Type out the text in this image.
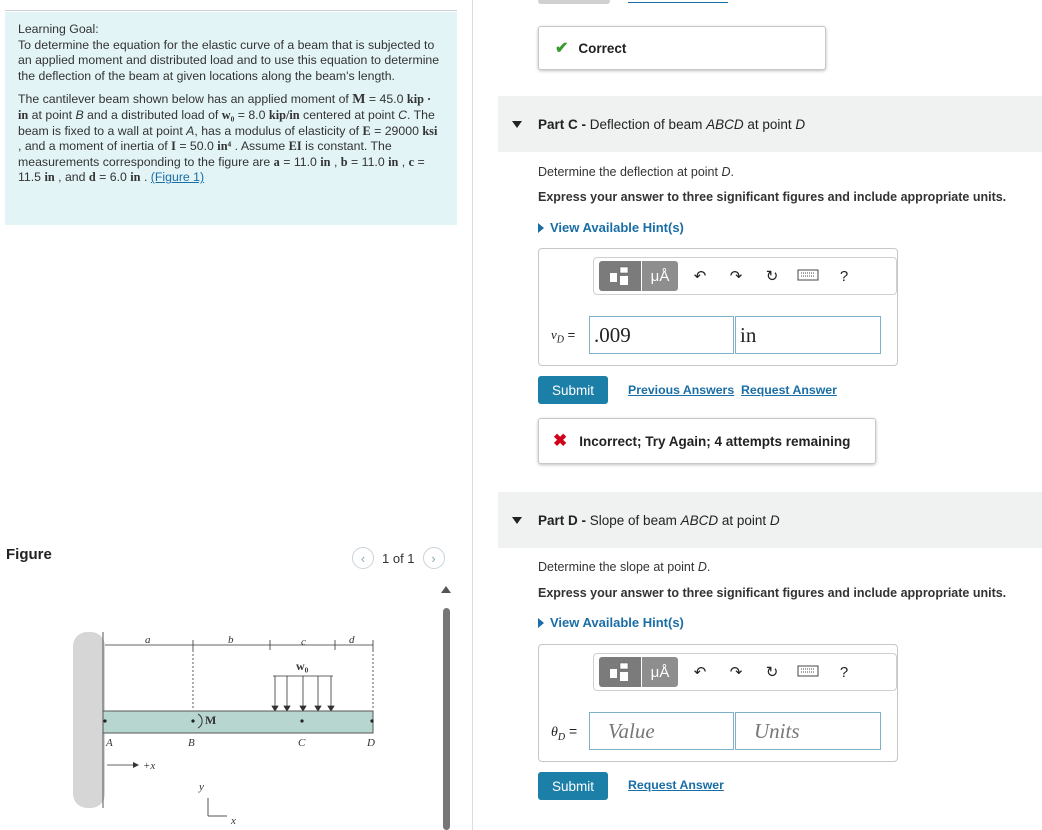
Learning Goal:
To determine the equation for the elastic curve of a beam that is subjected to an applied moment and distributed load and to use this equation to determine the deflection of the beam at given locations along the beam's length.

The cantilever beam shown below has an applied moment of M = 45.0 kip · in at point B and a distributed load of w₀ = 8.0 kip/in centered at point C. The beam is fixed to a wall at point A, has a modulus of elasticity of E = 29000 ksi , and a moment of inertia of I = 50.0 in⁴ . Assume EI is constant. The measurements corresponding to the figure are a = 11.0 in , b = 11.0 in , c = 11.5 in , and d = 6.0 in . (Figure 1)

Figure	‹ 1 of 1 ›
a	b	c	d
w₀
M
A	B	C	D
+x
y
x
✔ Correct
Part C - Deflection of beam ABCD at point D
Determine the deflection at point D.
Express your answer to three significant figures and include appropriate units.
View Available Hint(s)
μÅ	↶	↷	↻	?
$v_D = .009$	in
Submit	Previous Answers Request Answer
✖ Incorrect; Try Again; 4 attempts remaining
Part D - Slope of beam ABCD at point D
Determine the slope at point D.
Express your answer to three significant figures and include appropriate units.
View Available Hint(s)
μÅ	↶	↷	↻	?
$\theta_D$ =	Value	Units
Submit	Request Answer
